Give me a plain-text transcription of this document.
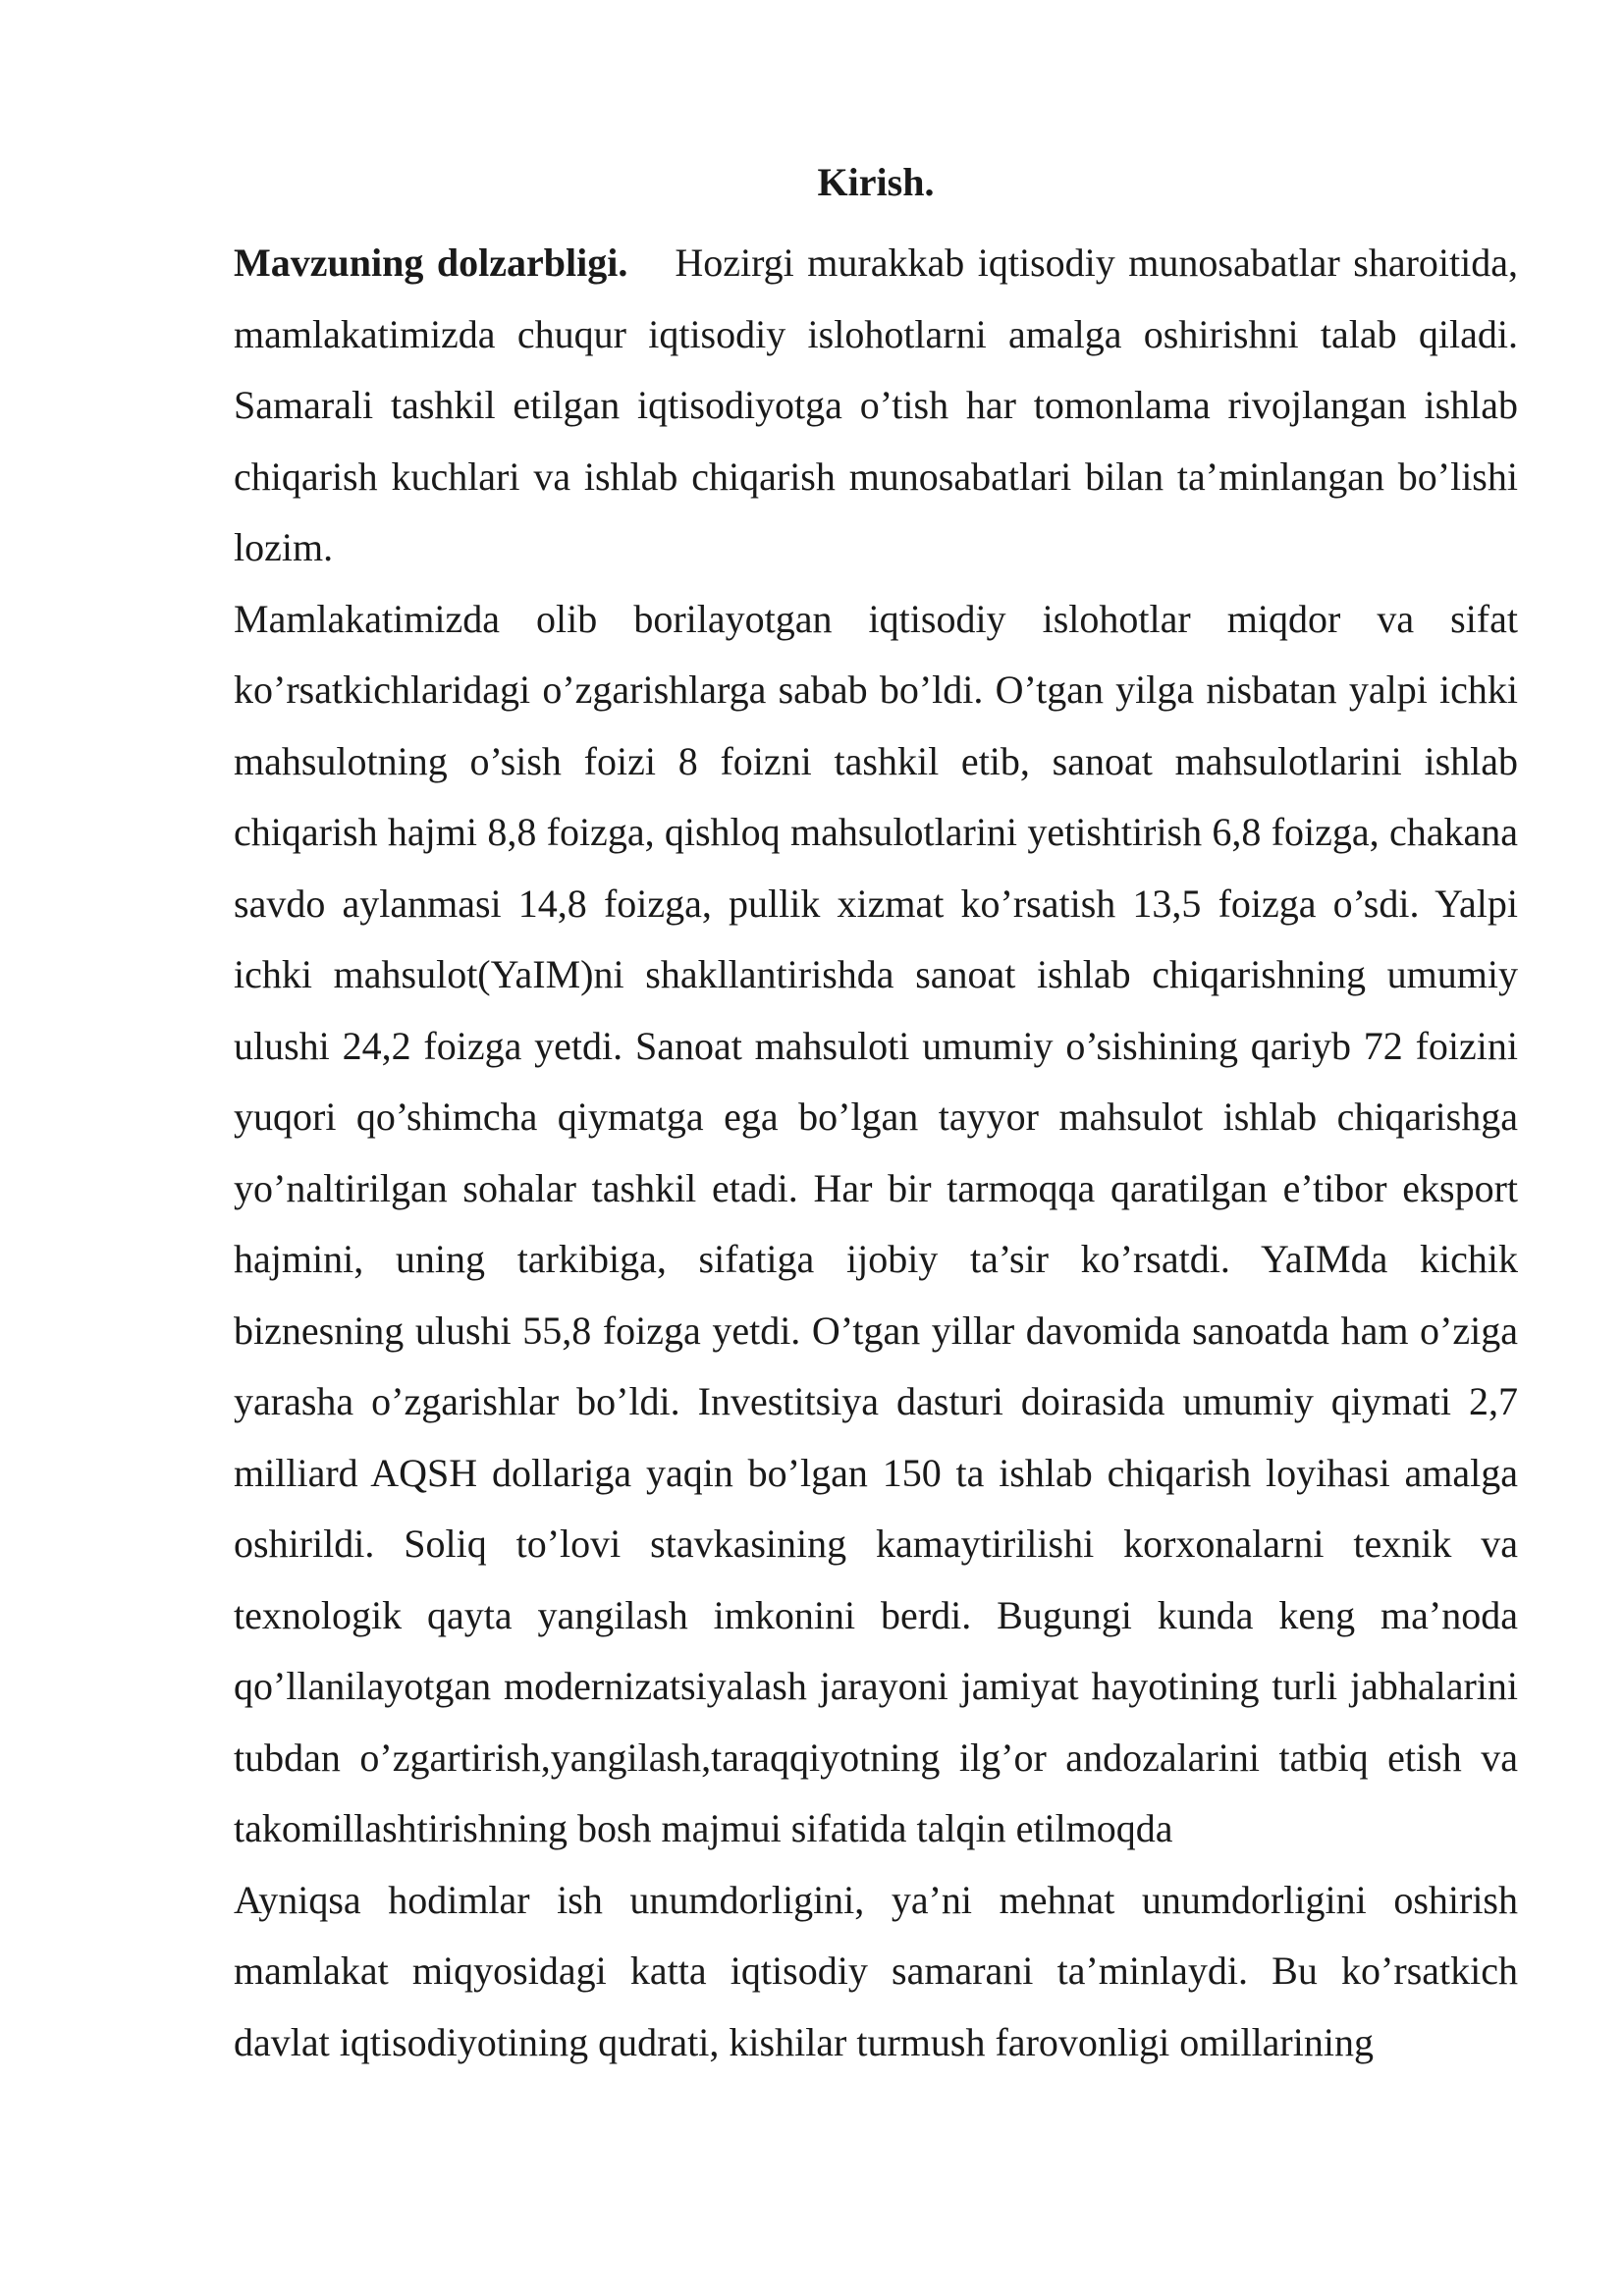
Kirish.

Mavzuning dolzarbligi. Hozirgi murakkab iqtisodiy munosabatlar sharoitida, mamlakatimizda chuqur iqtisodiy islohotlarni amalga oshirishni talab qiladi. Samarali tashkil etilgan iqtisodiyotga o’tish har tomonlama rivojlangan ishlab chiqarish kuchlari va ishlab chiqarish munosabatlari bilan ta’minlangan bo’lishi lozim.

Mamlakatimizda olib borilayotgan iqtisodiy islohotlar miqdor va sifat ko’rsatkichlaridagi o’zgarishlarga sabab bo’ldi. O’tgan yilga nisbatan yalpi ichki mahsulotning o’sish foizi 8 foizni tashkil etib, sanoat mahsulotlarini ishlab chiqarish hajmi 8,8 foizga, qishloq mahsulotlarini yetishtirish 6,8 foizga, chakana savdo aylanmasi 14,8 foizga, pullik xizmat ko’rsatish 13,5 foizga o’sdi. Yalpi ichki mahsulot(YaIM)ni shakllantirishda sanoat ishlab chiqarishning umumiy ulushi 24,2 foizga yetdi. Sanoat mahsuloti umumiy o’sishining qariyb 72 foizini yuqori qo’shimcha qiymatga ega bo’lgan tayyor mahsulot ishlab chiqarishga yo’naltirilgan sohalar tashkil etadi. Har bir tarmoqqa qaratilgan e’tibor eksport hajmini, uning tarkibiga, sifatiga ijobiy ta’sir ko’rsatdi. YaIMda kichik biznesning ulushi 55,8 foizga yetdi. O’tgan yillar davomida sanoatda ham o’ziga yarasha o’zgarishlar bo’ldi. Investitsiya dasturi doirasida umumiy qiymati 2,7 milliard AQSH dollariga yaqin bo’lgan 150 ta ishlab chiqarish loyihasi amalga oshirildi. Soliq to’lovi stavkasining kamaytirilishi korxonalarni texnik va texnologik qayta yangilash imkonini berdi. Bugungi kunda keng ma’noda qo’llanilayotgan modernizatsiyalash jarayoni jamiyat hayotining turli jabhalarini tubdan o’zgartirish,yangilash,taraqqiyotning ilg’or andozalarini tatbiq etish va takomillashtirishning bosh majmui sifatida talqin etilmoqda

Ayniqsa hodimlar ish unumdorligini, ya’ni mehnat unumdorligini oshirish mamlakat miqyosidagi katta iqtisodiy samarani ta’minlaydi. Bu ko’rsatkich davlat iqtisodiyotining qudrati, kishilar turmush farovonligi omillarining
